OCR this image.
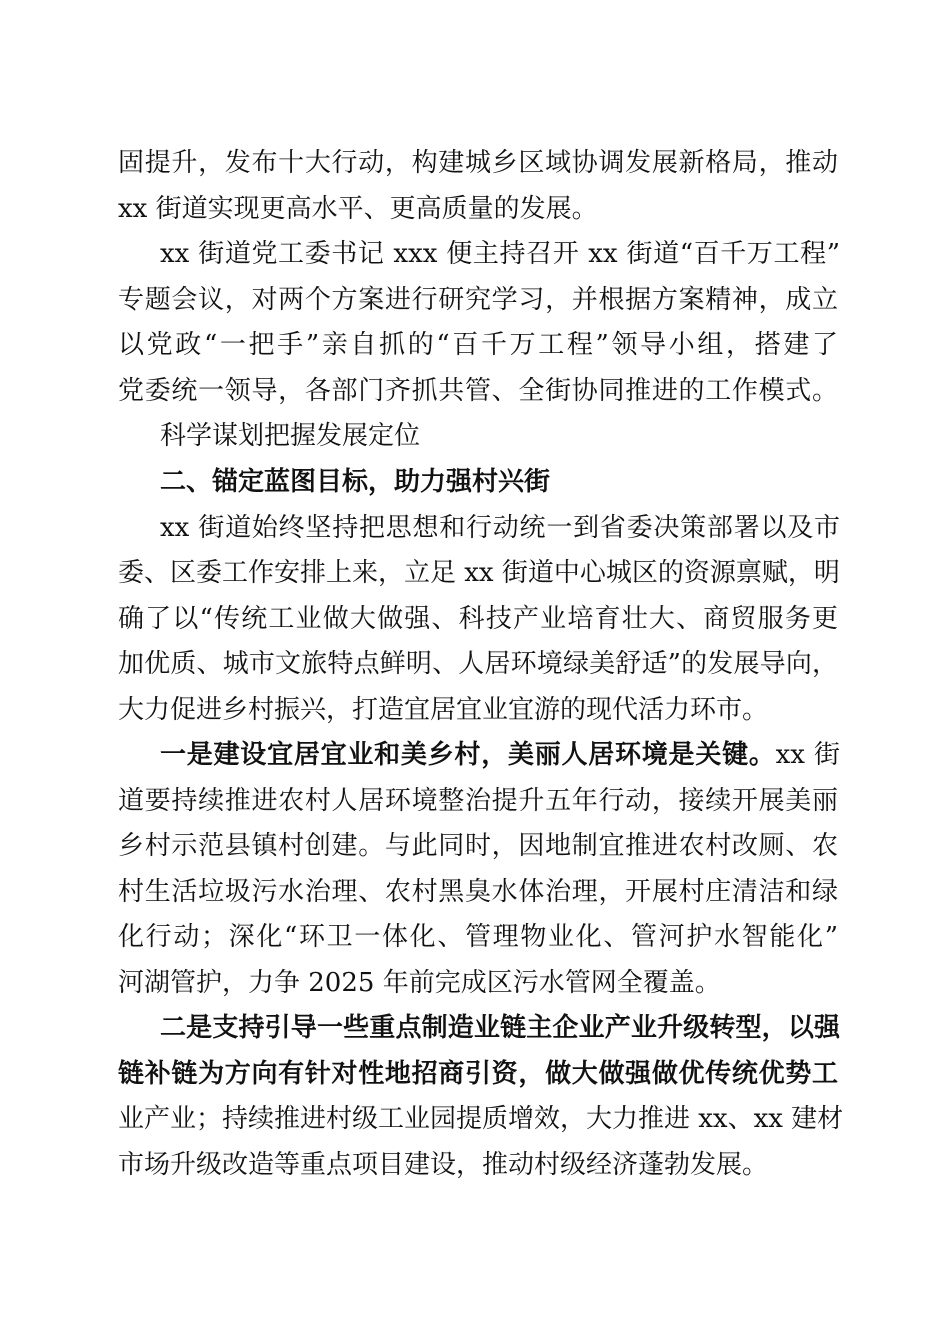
固提升，发布十大行动，构建城乡区域协调发展新格局，推动
xx 街道实现更高水平、更高质量的发展。
xx 街道党工委书记 xxx 便主持召开 xx 街道“百千万工程”
专题会议，对两个方案进行研究学习，并根据方案精神，成立
以党政“一把手”亲自抓的“百千万工程”领导小组，搭建了
党委统一领导，各部门齐抓共管、全街协同推进的工作模式。
科学谋划把握发展定位
二、锚定蓝图目标，助力强村兴街
xx 街道始终坚持把思想和行动统一到省委决策部署以及市
委、区委工作安排上来，立足 xx 街道中心城区的资源禀赋，明
确了以“传统工业做大做强、科技产业培育壮大、商贸服务更
加优质、城市文旅特点鲜明、人居环境绿美舒适”的发展导向，
大力促进乡村振兴，打造宜居宜业宜游的现代活力环市。
一是建设宜居宜业和美乡村，美丽人居环境是关键。xx 街
道要持续推进农村人居环境整治提升五年行动，接续开展美丽
乡村示范县镇村创建。与此同时，因地制宜推进农村改厕、农
村生活垃圾污水治理、农村黑臭水体治理，开展村庄清洁和绿
化行动；深化“环卫一体化、管理物业化、管河护水智能化”
河湖管护，力争 2025 年前完成区污水管网全覆盖。
二是支持引导一些重点制造业链主企业产业升级转型，以强
链补链为方向有针对性地招商引资，做大做强做优传统优势工
业产业；持续推进村级工业园提质增效，大力推进 xx、xx 建材
市场升级改造等重点项目建设，推动村级经济蓬勃发展。
